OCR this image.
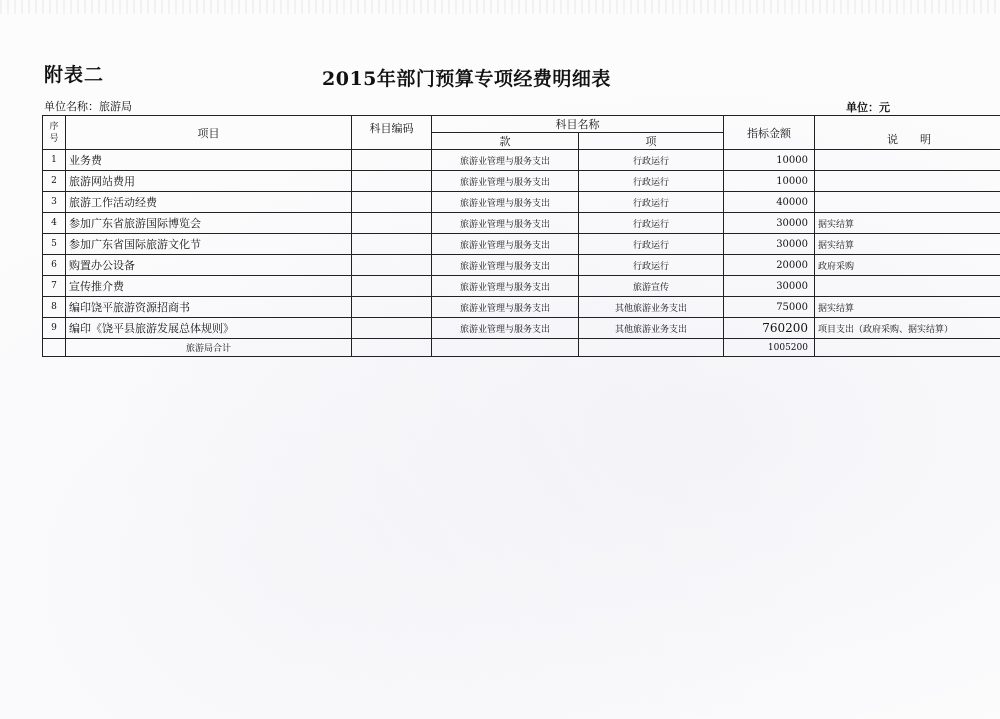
附表二	2015年部门预算专项经费明细表
单位名称：旅游局	单位：元
序号	项目	科目编码	科目名称		指标金额	说　　明
			款	项		
1	业务费		旅游业管理与服务支出	行政运行	10000	
2	旅游网站费用		旅游业管理与服务支出	行政运行	10000	
3	旅游工作活动经费		旅游业管理与服务支出	行政运行	40000	
4	参加广东省旅游国际博览会		旅游业管理与服务支出	行政运行	30000	据实结算
5	参加广东省国际旅游文化节		旅游业管理与服务支出	行政运行	30000	据实结算
6	购置办公设备		旅游业管理与服务支出	行政运行	20000	政府采购
7	宣传推介费		旅游业管理与服务支出	旅游宣传	30000	
8	编印饶平旅游资源招商书		旅游业管理与服务支出	其他旅游业务支出	75000	据实结算
9	编印《饶平县旅游发展总体规则》		旅游业管理与服务支出	其他旅游业务支出	760200	项目支出（政府采购、据实结算）
	旅游局合计				1005200	
